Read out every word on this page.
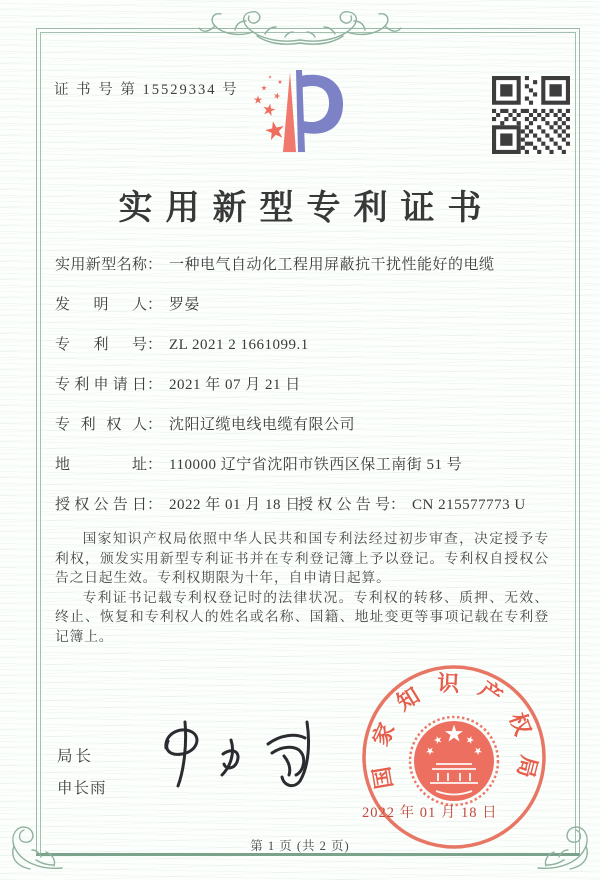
证 书 号 第 15529334 号
实用新型专利证书
实用新型名称： 一种电气自动化工程用屏蔽抗干扰性能好的电缆
发明人： 罗晏
专利号： ZL 2021 2 1661099.1
专利申请日： 2021 年 07 月 21 日
专利权人： 沈阳辽缆电线电缆有限公司
地址： 110000 辽宁省沈阳市铁西区保工南街 51 号
授权公告日： 2022 年 01 月 18 日
授权公告号： CN 215577773 U

国家知识产权局依照中华人民共和国专利法经过初步审查，决定授予专利权，颁发实用新型专利证书并在专利登记簿上予以登记。专利权自授权公告之日起生效。专利权期限为十年，自申请日起算。

专利证书记载专利权登记时的法律状况。专利权的转移、质押、无效、终止、恢复和专利权人的姓名或名称、国籍、地址变更等事项记载在专利登记簿上。

局长
申长雨	国家知识产权局
2022 年 01 月 18 日
第 1 页 (共 2 页)
